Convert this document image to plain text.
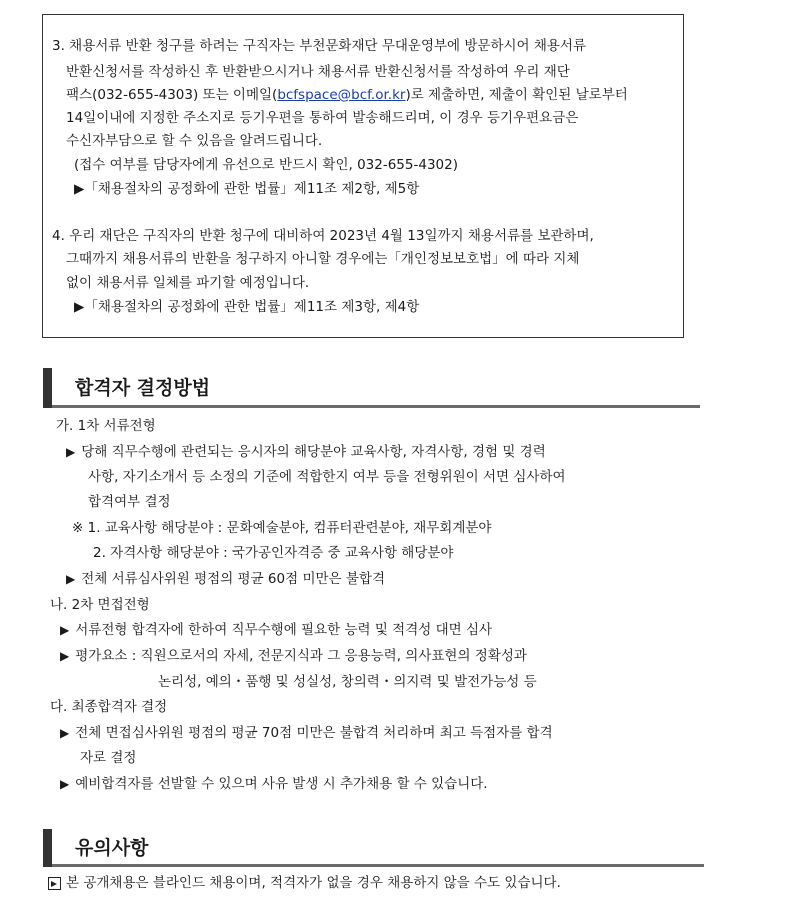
3. 채용서류 반환 청구를 하려는 구직자는 부천문화재단 무대운영부에 방문하시어 채용서류
반환신청서를 작성하신 후 반환받으시거나 채용서류 반환신청서를 작성하여 우리 재단
팩스(032-655-4303) 또는 이메일(bcfspace@bcf.or.kr)로 제출하면, 제출이 확인된 날로부터
14일이내에 지정한 주소지로 등기우편을 통하여 발송해드리며, 이 경우 등기우편요금은
수신자부담으로 할 수 있음을 알려드립니다.
(접수 여부를 담당자에게 유선으로 반드시 확인, 032-655-4302)
▶「채용절차의 공정화에 관한 법률」제11조 제2항, 제5항
4. 우리 재단은 구직자의 반환 청구에 대비하여 2023년 4월 13일까지 채용서류를 보관하며,
그때까지 채용서류의 반환을 청구하지 아니할 경우에는「개인정보보호법」에 따라 지체
없이 채용서류 일체를 파기할 예정입니다.
▶「채용절차의 공정화에 관한 법률」제11조 제3항, 제4항
합격자 결정방법
가. 1차 서류전형
▶ 당해 직무수행에 관련되는 응시자의 해당분야 교육사항, 자격사항, 경험 및 경력
사항, 자기소개서 등 소정의 기준에 적합한지 여부 등을 전형위원이 서면 심사하여
합격여부 결정
※ 1. 교육사항 해당분야 : 문화예술분야, 컴퓨터관련분야, 재무회계분야
2. 자격사항 해당분야 : 국가공인자격증 중 교육사항 해당분야
▶ 전체 서류심사위원 평점의 평균 60점 미만은 불합격
나. 2차 면접전형
▶ 서류전형 합격자에 한하여 직무수행에 필요한 능력 및 적격성 대면 심사
▶ 평가요소 : 직원으로서의 자세, 전문지식과 그 응용능력, 의사표현의 정확성과
논리성, 예의・품행 및 성실성, 창의력・의지력 및 발전가능성 등
다. 최종합격자 결정
▶ 전체 면접심사위원 평점의 평균 70점 미만은 불합격 처리하며 최고 득점자를 합격
자로 결정
▶ 예비합격자를 선발할 수 있으며 사유 발생 시 추가채용 할 수 있습니다.
유의사항
본 공개채용은 블라인드 채용이며, 적격자가 없을 경우 채용하지 않을 수도 있습니다.
